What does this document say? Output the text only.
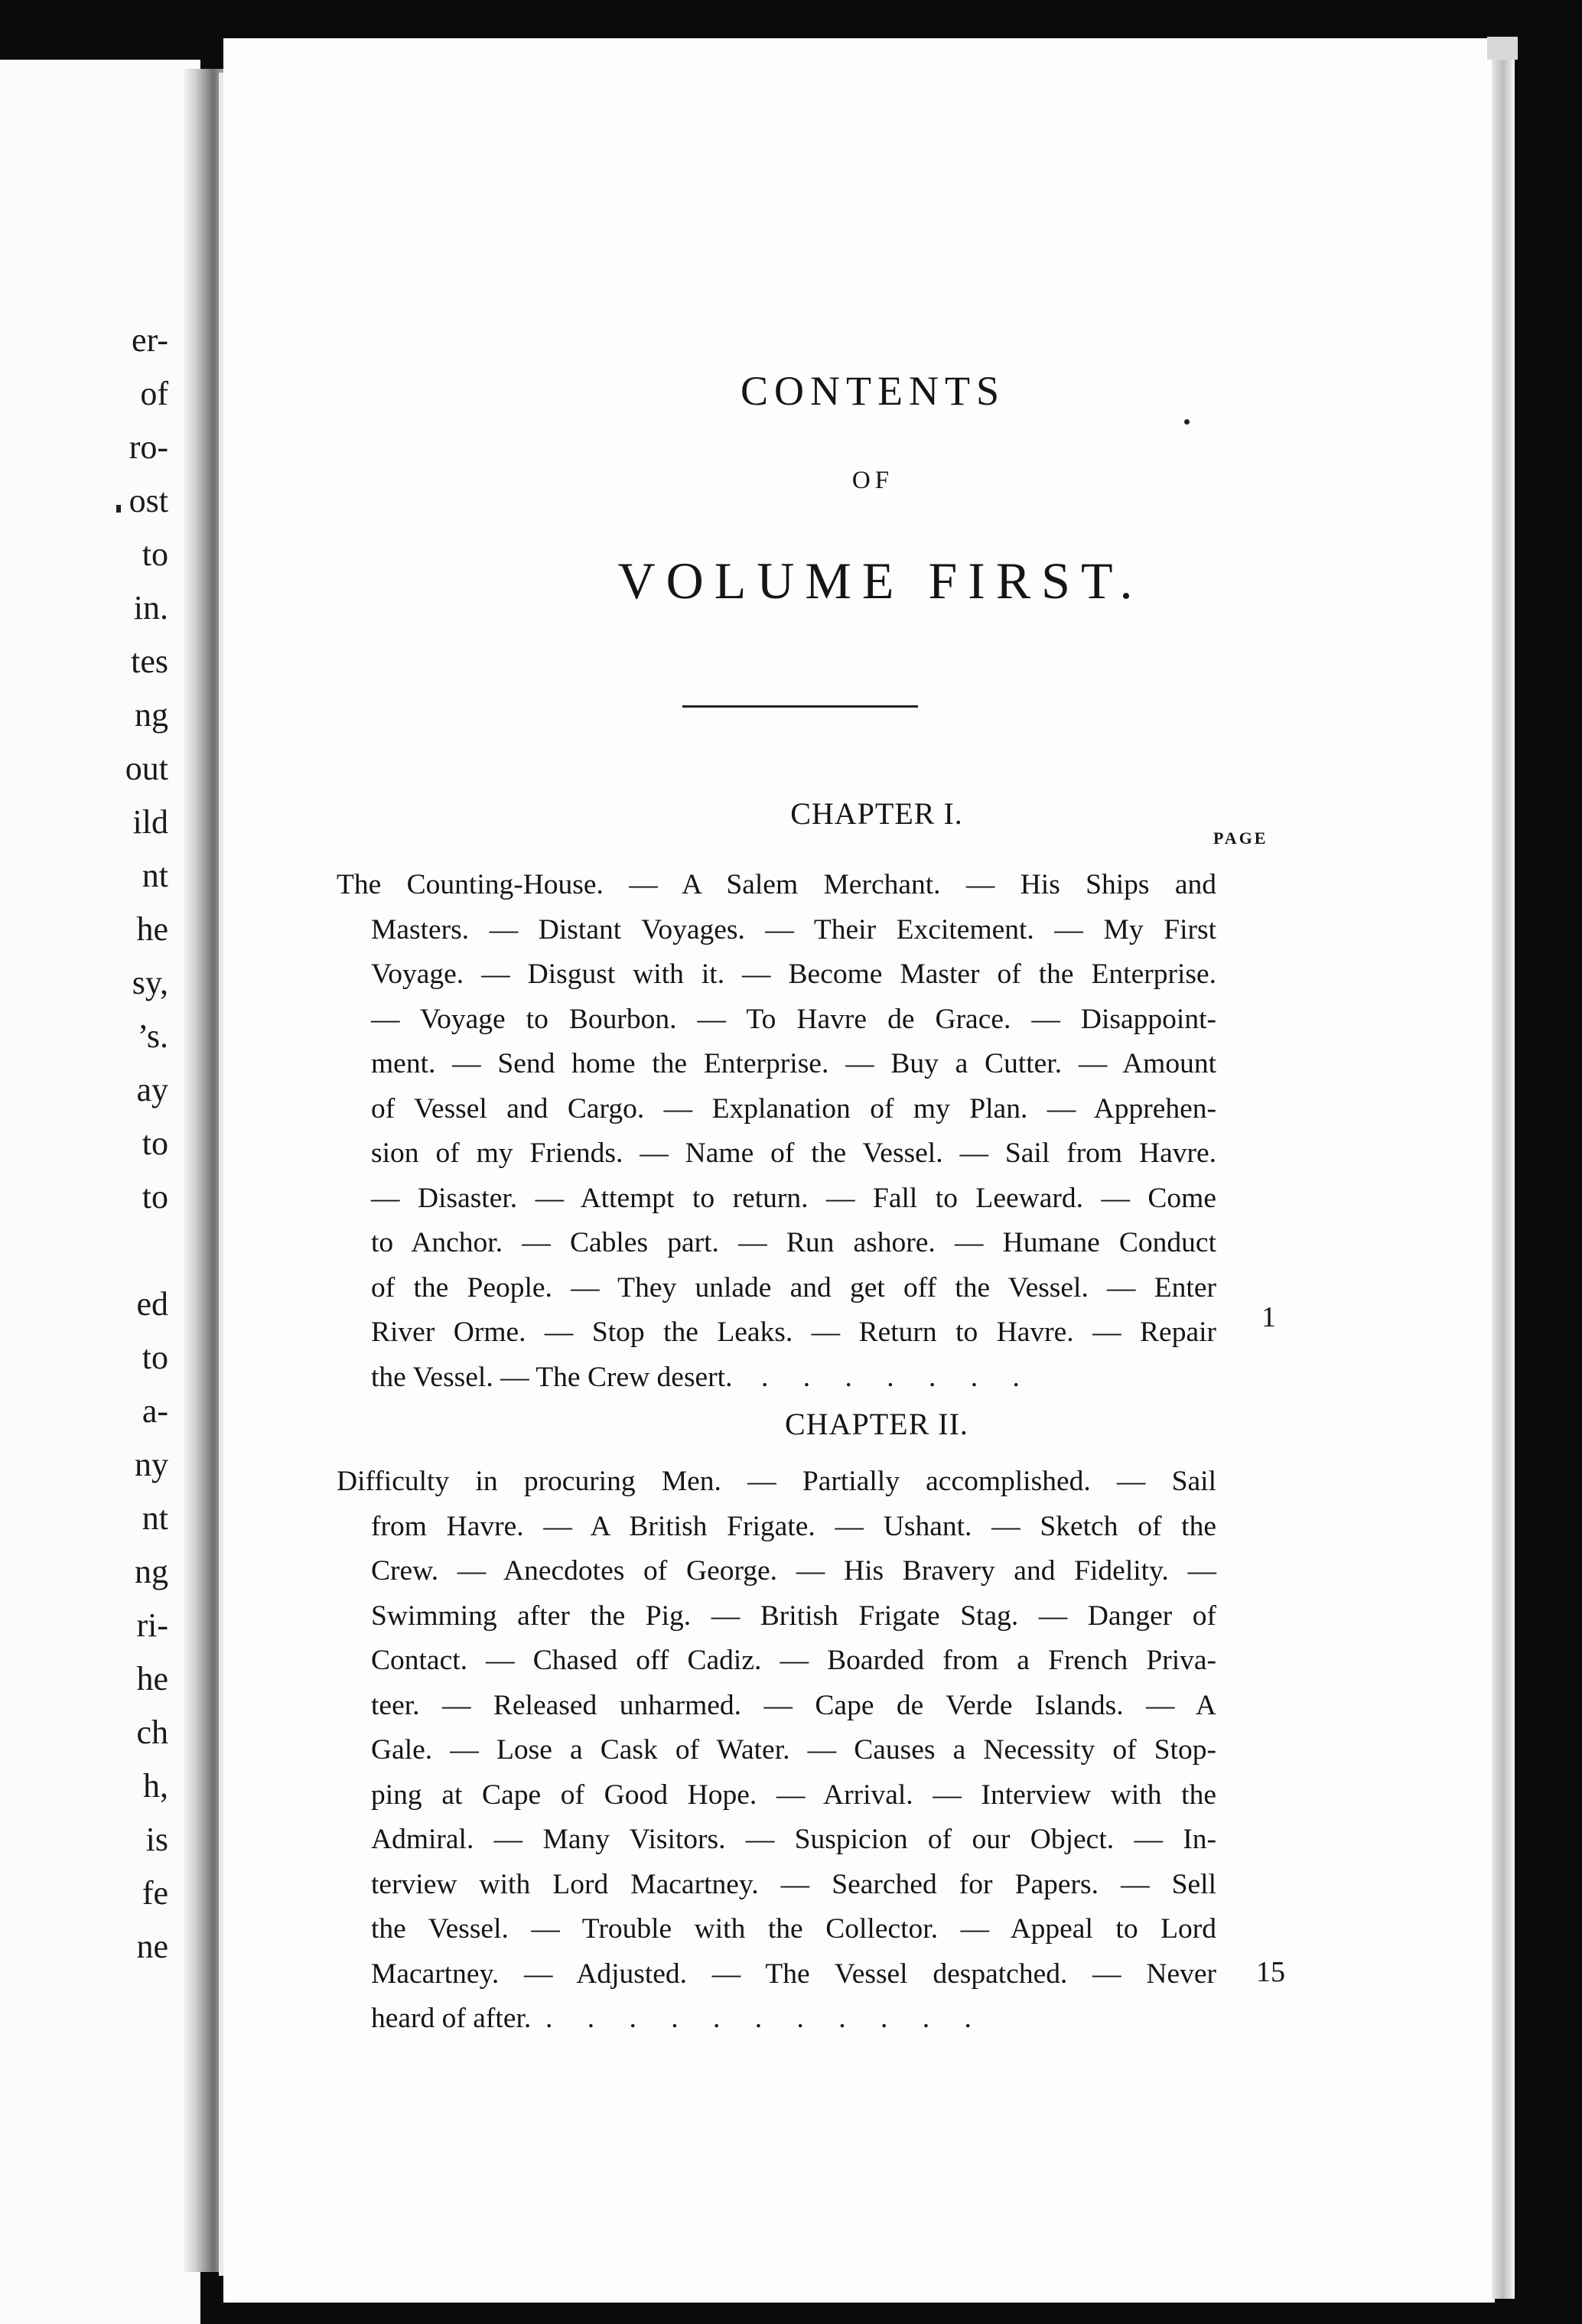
er-
of
ro-
ost
to
in.
tes
ng
out
ild
nt
he
sy,
’s.
ay
to
to
ed
to
a-
ny
nt
ng
ri-
he
ch
h,
is
fe
ne
CONTENTS
OF
VOLUME FIRST.
CHAPTER I.
PAGE
The Counting-House. — A Salem Merchant. — His Ships and
Masters. — Distant Voyages. — Their Excitement. — My First
Voyage. — Disgust with it. — Become Master of the Enterprise.
— Voyage to Bourbon. — To Havre de Grace. — Disappoint-
ment. — Send home the Enterprise. — Buy a Cutter. — Amount
of Vessel and Cargo. — Explanation of my Plan. — Apprehen-
sion of my Friends. — Name of the Vessel. — Sail from Havre.
— Disaster. — Attempt to return. — Fall to Leeward. — Come
to Anchor. — Cables part. — Run ashore. — Humane Conduct
of the People. — They unlade and get off the Vessel. — Enter
River Orme. — Stop the Leaks. — Return to Havre. — Repair
the Vessel. — The Crew desert. . . . . . . .
1
CHAPTER II.
Difficulty in procuring Men. — Partially accomplished. — Sail
from Havre. — A British Frigate. — Ushant. — Sketch of the
Crew. — Anecdotes of George. — His Bravery and Fidelity. —
Swimming after the Pig. — British Frigate Stag. — Danger of
Contact. — Chased off Cadiz. — Boarded from a French Priva-
teer. — Released unharmed. — Cape de Verde Islands. — A
Gale. — Lose a Cask of Water. — Causes a Necessity of Stop-
ping at Cape of Good Hope. — Arrival. — Interview with the
Admiral. — Many Visitors. — Suspicion of our Object. — In-
terview with Lord Macartney. — Searched for Papers. — Sell
the Vessel. — Trouble with the Collector. — Appeal to Lord
Macartney. — Adjusted. — The Vessel despatched. — Never
heard of after. . . . . . . . . . . .
15
